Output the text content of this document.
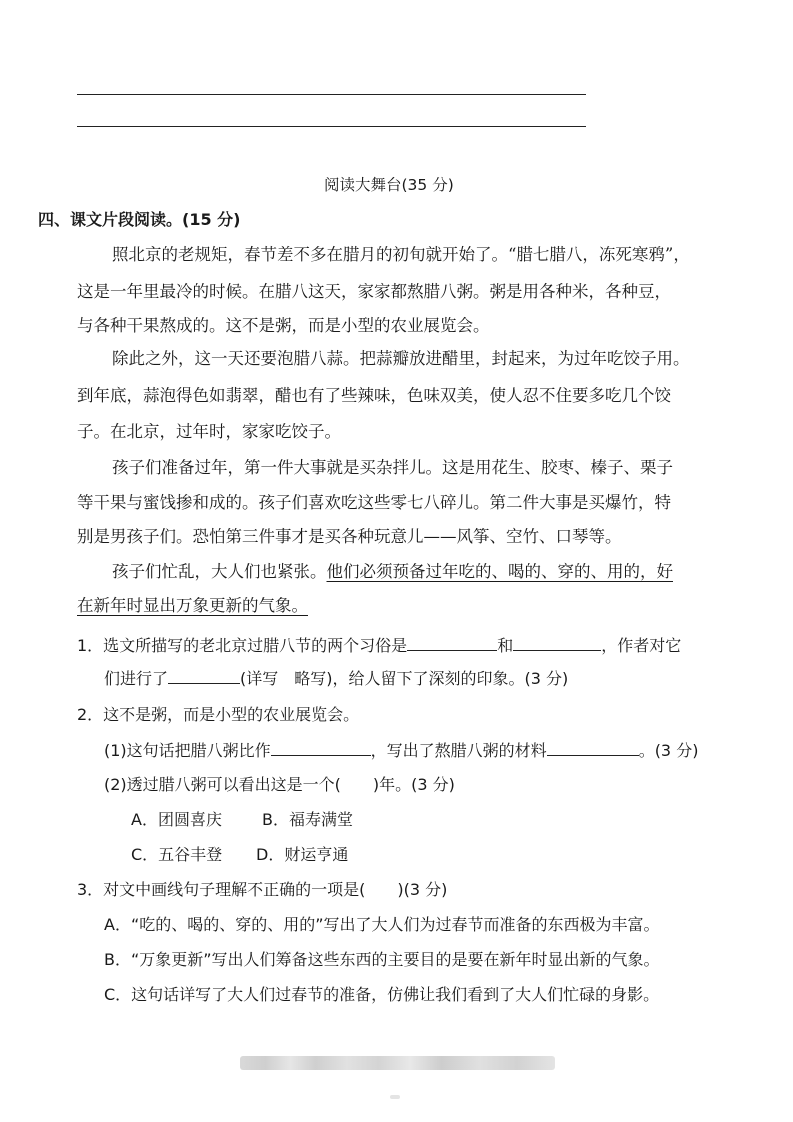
阅读大舞台(35 分)
四、课文片段阅读。(15 分)
照北京的老规矩，春节差不多在腊月的初旬就开始了。“腊七腊八，冻死寒鸦”，
这是一年里最冷的时候。在腊八这天，家家都熬腊八粥。粥是用各种米，各种豆，
与各种干果熬成的。这不是粥，而是小型的农业展览会。
除此之外，这一天还要泡腊八蒜。把蒜瓣放进醋里，封起来，为过年吃饺子用。
到年底，蒜泡得色如翡翠，醋也有了些辣味，色味双美，使人忍不住要多吃几个饺
子。在北京，过年时，家家吃饺子。
孩子们准备过年，第一件大事就是买杂拌儿。这是用花生、胶枣、榛子、栗子
等干果与蜜饯掺和成的。孩子们喜欢吃这些零七八碎儿。第二件大事是买爆竹，特
别是男孩子们。恐怕第三件事才是买各种玩意儿——风筝、空竹、口琴等。
孩子们忙乱，大人们也紧张。他们必须预备过年吃的、喝的、穿的、用的，好
在新年时显出万象更新的气象。
1．选文所描写的老北京过腊八节的两个习俗是	和	，作者对它
们进行了	(详写　略写)，给人留下了深刻的印象。(3 分)
2．这不是粥，而是小型的农业展览会。
(1)这句话把腊八粥比作	，写出了熬腊八粥的材料	。(3 分)
(2)透过腊八粥可以看出这是一个(　　)年。(3 分)
A．团圆喜庆	B．福寿满堂
C．五谷丰登 D．财运亨通
3．对文中画线句子理解不正确的一项是(　　)(3 分)
A．“吃的、喝的、穿的、用的”写出了大人们为过春节而准备的东西极为丰富。
B．“万象更新”写出人们筹备这些东西的主要目的是要在新年时显出新的气象。
C．这句话详写了大人们过春节的准备，仿佛让我们看到了大人们忙碌的身影。
